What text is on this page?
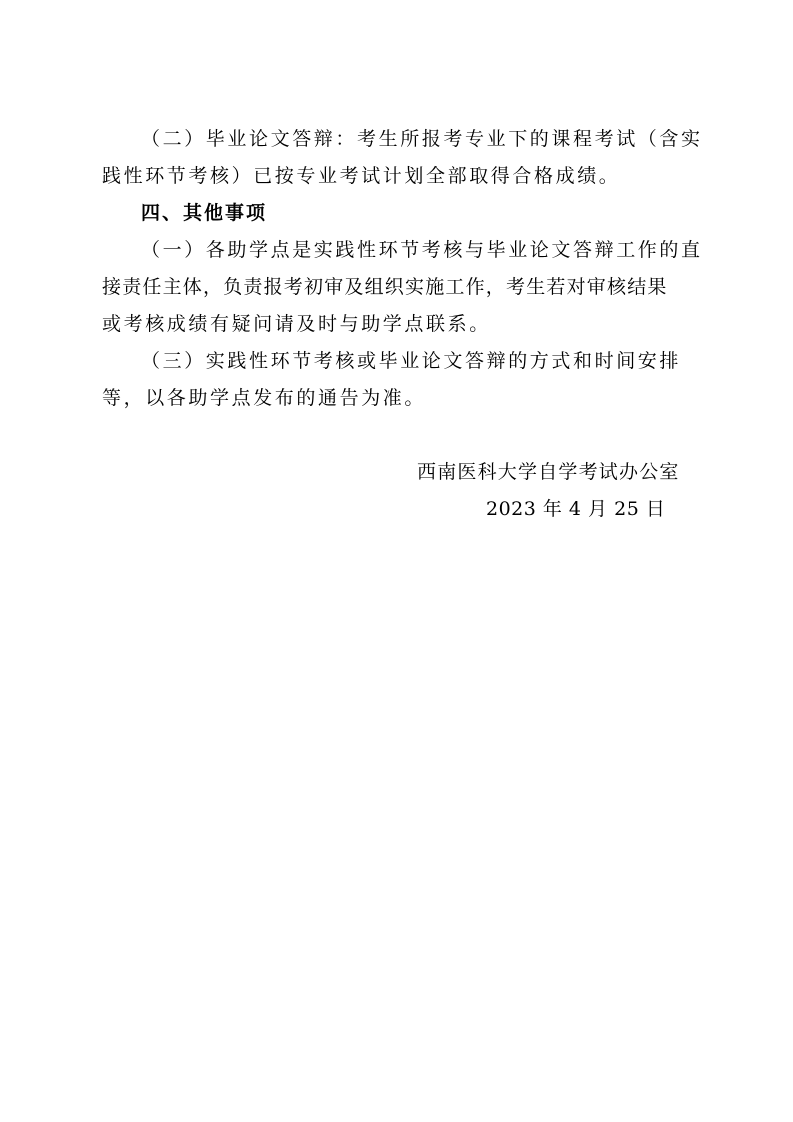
（二）毕业论文答辩：考生所报考专业下的课程考试（含实
践性环节考核）已按专业考试计划全部取得合格成绩。
四、其他事项
（一）各助学点是实践性环节考核与毕业论文答辩工作的直
接责任主体，负责报考初审及组织实施工作，考生若对审核结果
或考核成绩有疑问请及时与助学点联系。
（三）实践性环节考核或毕业论文答辩的方式和时间安排
等，以各助学点发布的通告为准。
西南医科大学自学考试办公室
2023 年 4 月 25 日
